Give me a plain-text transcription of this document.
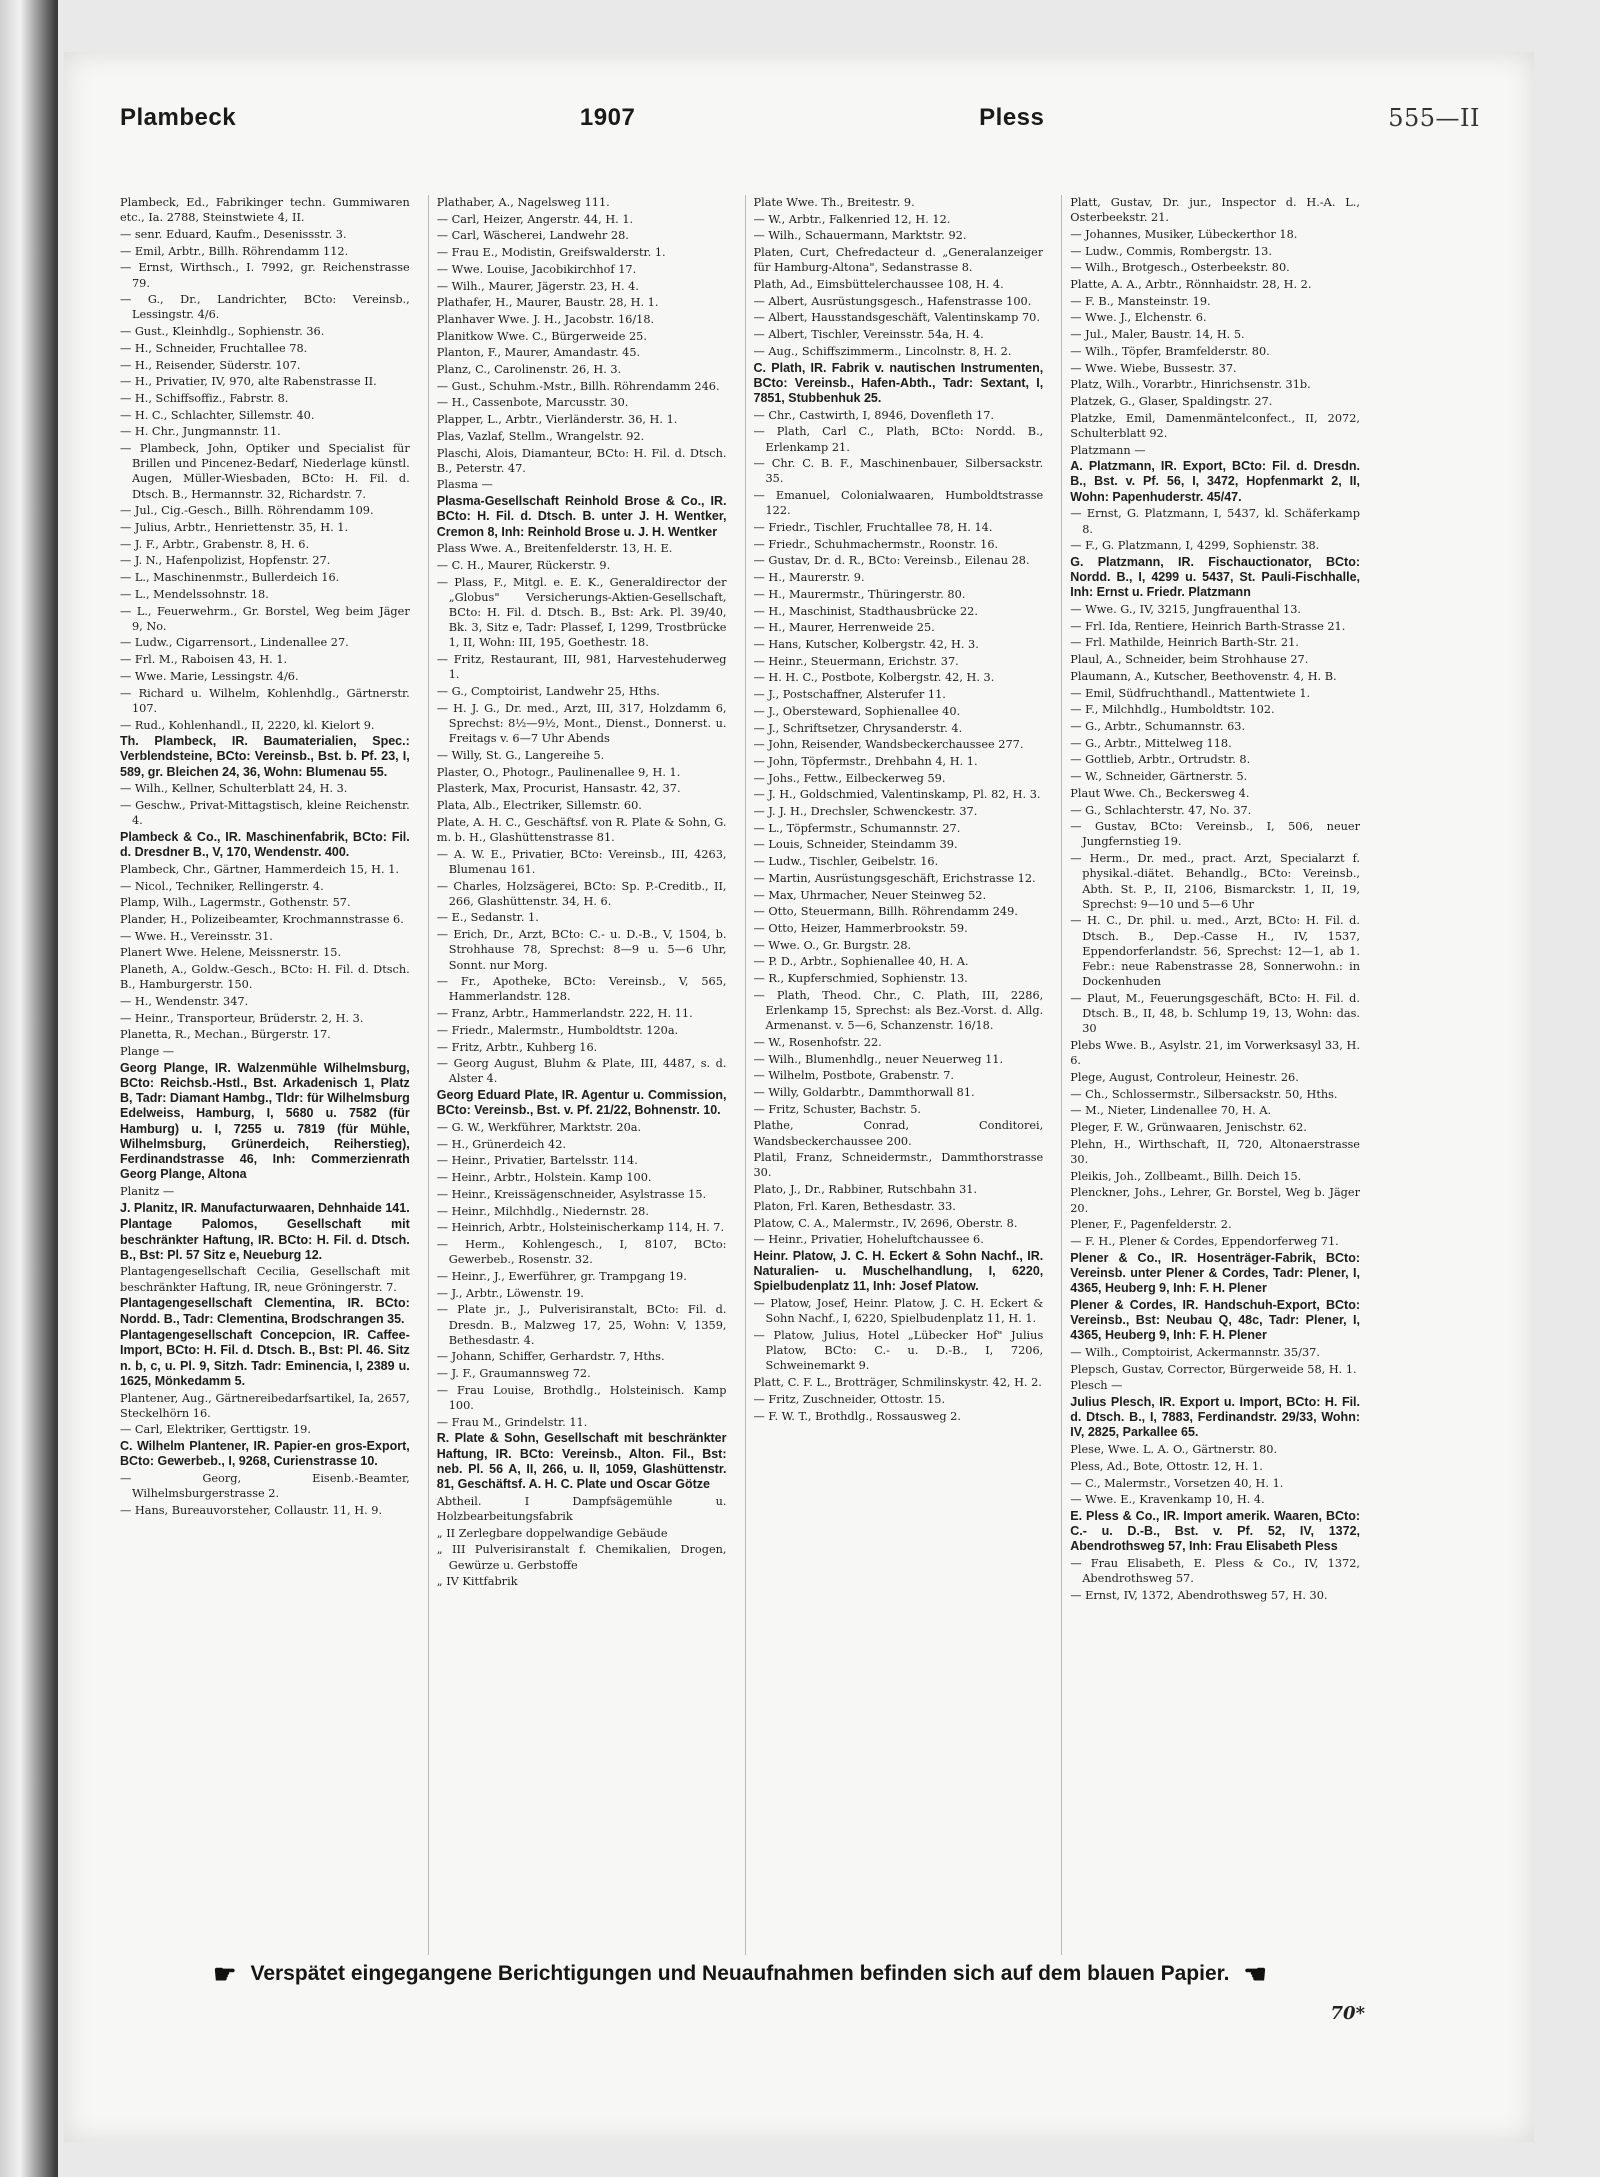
Plambeck	1907	Pless	555—II
Plambeck, Ed., Fabrikinger techn. Gummiwaren etc., Ia. 2788, Steinstwiete 4, II.
— senr. Eduard, Kaufm., Desenissstr. 3.
— Emil, Arbtr., Billh. Röhrendamm 112.
— Ernst, Wirthsch., I. 7992, gr. Reichenstrasse 79.
— G., Dr., Landrichter, BCto: Vereinsb., Lessingstr. 4/6.
— Gust., Kleinhdlg., Sophienstr. 36.
— H., Schneider, Fruchtallee 78.
— H., Reisender, Süderstr. 107.
— H., Privatier, IV, 970, alte Rabenstrasse II.
— H., Schiffsoffiz., Fabrstr. 8.
— H. C., Schlachter, Sillemstr. 40.
— H. Chr., Jungmannstr. 11.
— Plambeck, John, Optiker und Specialist für Brillen und Pincenez-Bedarf, Niederlage künstl. Augen, Müller-Wiesbaden, BCto: H. Fil. d. Dtsch. B., Hermannstr. 32, Richardstr. 7.
— Jul., Cig.-Gesch., Billh. Röhrendamm 109.
— Julius, Arbtr., Henriettenstr. 35, H. 1.
— J. F., Arbtr., Grabenstr. 8, H. 6.
— J. N., Hafenpolizist, Hopfenstr. 27.
— L., Maschinenmstr., Bullerdeich 16.
— L., Mendelssohnstr. 18.
— L., Feuerwehrm., Gr. Borstel, Weg beim Jäger 9, No.
— Ludw., Cigarrensort., Lindenallee 27.
— Frl. M., Raboisen 43, H. 1.
— Wwe. Marie, Lessingstr. 4/6.
— Richard u. Wilhelm, Kohlenhdlg., Gärtnerstr. 107.
— Rud., Kohlenhandl., II, 2220, kl. Kielort 9.
Th. Plambeck, IR. Baumaterialien, Spec.: Verblendsteine, BCto: Vereinsb., Bst. b. Pf. 23, I, 589, gr. Bleichen 24, 36, Wohn: Blumenau 55.
— Wilh., Kellner, Schulterblatt 24, H. 3.
— Geschw., Privat-Mittagstisch, kleine Reichenstr. 4.
Plambeck & Co., IR. Maschinenfabrik, BCto: Fil. d. Dresdner B., V, 170, Wendenstr. 400.
Plambeck, Chr., Gärtner, Hammerdeich 15, H. 1.
— Nicol., Techniker, Rellingerstr. 4.
Plamp, Wilh., Lagermstr., Gothenstr. 57.
Plander, H., Polizeibeamter, Krochmannstrasse 6.
— Wwe. H., Vereinsstr. 31.
Planert Wwe. Helene, Meissnerstr. 15.
Planeth, A., Goldw.-Gesch., BCto: H. Fil. d. Dtsch. B., Hamburgerstr. 150.
— H., Wendenstr. 347.
— Heinr., Transporteur, Brüderstr. 2, H. 3.
Planetta, R., Mechan., Bürgerstr. 17.
Plange —
Georg Plange, IR. Walzenmühle Wilhelmsburg, BCto: Reichsb.-Hstl., Bst. Arkadenisch 1, Platz B, Tadr: Diamant Hambg., Tldr: für Wilhelmsburg Edelweiss, Hamburg, I, 5680 u. 7582 (für Hamburg) u. I, 7255 u. 7819 (für Mühle, Wilhelmsburg, Grünerdeich, Reiherstieg), Ferdinandstrasse 46, Inh: Commerzienrath Georg Plange, Altona
Planitz —
J. Planitz, IR. Manufacturwaaren, Dehnhaide 141.
Plantage Palomos, Gesellschaft mit beschränkter Haftung, IR. BCto: H. Fil. d. Dtsch. B., Bst: Pl. 57 Sitz e, Neueburg 12.
Plantagengesellschaft Cecilia, Gesellschaft mit beschränkter Haftung, IR, neue Gröningerstr. 7.
Plantagengesellschaft Clementina, IR. BCto: Nordd. B., Tadr: Clementina, Brodschrangen 35.
Plantagengesellschaft Concepcion, IR. Caffee-Import, BCto: H. Fil. d. Dtsch. B., Bst: Pl. 46. Sitz n. b, c, u. Pl. 9, Sitzh. Tadr: Eminencia, I, 2389 u. 1625, Mönkedamm 5.
Plantener, Aug., Gärtnereibedarfsartikel, Ia, 2657, Steckelhörn 16.
— Carl, Elektriker, Gerttigstr. 19.
C. Wilhelm Plantener, IR. Papier-en gros-Export, BCto: Gewerbeb., I, 9268, Curienstrasse 10.
— Georg, Eisenb.-Beamter, Wilhelmsburgerstrasse 2.
— Hans, Bureauvorsteher, Collaustr. 11, H. 9.
Plathaber, A., Nagelsweg 111.
— Carl, Heizer, Angerstr. 44, H. 1.
— Carl, Wäscherei, Landwehr 28.
— Frau E., Modistin, Greifswalderstr. 1.
— Wwe. Louise, Jacobikirchhof 17.
— Wilh., Maurer, Jägerstr. 23, H. 4.
Plathafer, H., Maurer, Baustr. 28, H. 1.
Planhaver Wwe. J. H., Jacobstr. 16/18.
Planitkow Wwe. C., Bürgerweide 25.
Planton, F., Maurer, Amandastr. 45.
Planz, C., Carolinenstr. 26, H. 3.
— Gust., Schuhm.-Mstr., Billh. Röhrendamm 246.
— H., Cassenbote, Marcusstr. 30.
Plapper, L., Arbtr., Vierländerstr. 36, H. 1.
Plas, Vazlaf, Stellm., Wrangelstr. 92.
Plaschi, Alois, Diamanteur, BCto: H. Fil. d. Dtsch. B., Peterstr. 47.
Plasma —
Plasma-Gesellschaft Reinhold Brose & Co., IR. BCto: H. Fil. d. Dtsch. B. unter J. H. Wentker, Cremon 8, Inh: Reinhold Brose u. J. H. Wentker
Plass Wwe. A., Breitenfelderstr. 13, H. E.
— C. H., Maurer, Rückerstr. 9.
— Plass, F., Mitgl. e. E. K., Generaldirector der „Globus" Versicherungs-Aktien-Gesellschaft, BCto: H. Fil. d. Dtsch. B., Bst: Ark. Pl. 39/40, Bk. 3, Sitz e, Tadr: Plassef, I, 1299, Trostbrücke 1, II, Wohn: III, 195, Goethestr. 18.
— Fritz, Restaurant, III, 981, Harvestehuderweg 1.
— G., Comptoirist, Landwehr 25, Hths.
— H. J. G., Dr. med., Arzt, III, 317, Holzdamm 6, Sprechst: 8½—9½, Mont., Dienst., Donnerst. u. Freitags v. 6—7 Uhr Abends
— Willy, St. G., Langereihe 5.
Plaster, O., Photogr., Paulinenallee 9, H. 1.
Plasterk, Max, Procurist, Hansastr. 42, 37.
Plata, Alb., Electriker, Sillemstr. 60.
Plate, A. H. C., Geschäftsf. von R. Plate & Sohn, G. m. b. H., Glashüttenstrasse 81.
— A. W. E., Privatier, BCto: Vereinsb., III, 4263, Blumenau 161.
— Charles, Holzsägerei, BCto: Sp. P.-Creditb., II, 266, Glashüttenstr. 34, H. 6.
— E., Sedanstr. 1.
— Erich, Dr., Arzt, BCto: C.- u. D.-B., V, 1504, b. Strohhause 78, Sprechst: 8—9 u. 5—6 Uhr, Sonnt. nur Morg.
— Fr., Apotheke, BCto: Vereinsb., V, 565, Hammerlandstr. 128.
— Franz, Arbtr., Hammerlandstr. 222, H. 11.
— Friedr., Malermstr., Humboldtstr. 120a.
— Fritz, Arbtr., Kuhberg 16.
— Georg August, Bluhm & Plate, III, 4487, s. d. Alster 4.
Georg Eduard Plate, IR. Agentur u. Commission, BCto: Vereinsb., Bst. v. Pf. 21/22, Bohnenstr. 10.
— G. W., Werkführer, Marktstr. 20a.
— H., Grünerdeich 42.
— Heinr., Privatier, Bartelsstr. 114.
— Heinr., Arbtr., Holstein. Kamp 100.
— Heinr., Kreissägenschneider, Asylstrasse 15.
— Heinr., Milchhdlg., Niedernstr. 28.
— Heinrich, Arbtr., Holsteinischerkamp 114, H. 7.
— Herm., Kohlengesch., I, 8107, BCto: Gewerbeb., Rosenstr. 32.
— Heinr., J., Ewerführer, gr. Trampgang 19.
— J., Arbtr., Löwenstr. 19.
— Plate jr., J., Pulverisiranstalt, BCto: Fil. d. Dresdn. B., Malzweg 17, 25, Wohn: V, 1359, Bethesdastr. 4.
— Johann, Schiffer, Gerhardstr. 7, Hths.
— J. F., Graumannsweg 72.
— Frau Louise, Brothdlg., Holsteinisch. Kamp 100.
— Frau M., Grindelstr. 11.
R. Plate & Sohn, Gesellschaft mit beschränkter Haftung, IR. BCto: Vereinsb., Alton. Fil., Bst: neb. Pl. 56 A, II, 266, u. II, 1059, Glashüttenstr. 81, Geschäftsf. A. H. C. Plate und Oscar Götze
Abtheil. I Dampfsägemühle u. Holzbearbeitungsfabrik
„ II Zerlegbare doppelwandige Gebäude
„ III Pulverisiranstalt f. Chemikalien, Drogen, Gewürze u. Gerbstoffe
„ IV Kittfabrik
Plate Wwe. Th., Breitestr. 9.
— W., Arbtr., Falkenried 12, H. 12.
— Wilh., Schauermann, Marktstr. 92.
Platen, Curt, Chefredacteur d. „Generalanzeiger für Hamburg-Altona", Sedanstrasse 8.
Plath, Ad., Eimsbüttelerchaussee 108, H. 4.
— Albert, Ausrüstungsgesch., Hafenstrasse 100.
— Albert, Hausstandsgeschäft, Valentinskamp 70.
— Albert, Tischler, Vereinsstr. 54a, H. 4.
— Aug., Schiffszimmerm., Lincolnstr. 8, H. 2.
C. Plath, IR. Fabrik v. nautischen Instrumenten, BCto: Vereinsb., Hafen-Abth., Tadr: Sextant, I, 7851, Stubbenhuk 25.
— Chr., Castwirth, I, 8946, Dovenfleth 17.
— Plath, Carl C., Plath, BCto: Nordd. B., Erlenkamp 21.
— Chr. C. B. F., Maschinenbauer, Silbersackstr. 35.
— Emanuel, Colonialwaaren, Humboldtstrasse 122.
— Friedr., Tischler, Fruchtallee 78, H. 14.
— Friedr., Schuhmachermstr., Roonstr. 16.
— Gustav, Dr. d. R., BCto: Vereinsb., Eilenau 28.
— H., Maurerstr. 9.
— H., Maurermstr., Thüringerstr. 80.
— H., Maschinist, Stadthausbrücke 22.
— H., Maurer, Herrenweide 25.
— Hans, Kutscher, Kolbergstr. 42, H. 3.
— Heinr., Steuermann, Erichstr. 37.
— H. H. C., Postbote, Kolbergstr. 42, H. 3.
— J., Postschaffner, Alsterufer 11.
— J., Obersteward, Sophienallee 40.
— J., Schriftsetzer, Chrysanderstr. 4.
— John, Reisender, Wandsbeckerchaussee 277.
— John, Töpfermstr., Drehbahn 4, H. 1.
— Johs., Fettw., Eilbeckerweg 59.
— J. H., Goldschmied, Valentinskamp, Pl. 82, H. 3.
— J. J. H., Drechsler, Schwenckestr. 37.
— L., Töpfermstr., Schumannstr. 27.
— Louis, Schneider, Steindamm 39.
— Ludw., Tischler, Geibelstr. 16.
— Martin, Ausrüstungsgeschäft, Erichstrasse 12.
— Max, Uhrmacher, Neuer Steinweg 52.
— Otto, Steuermann, Billh. Röhrendamm 249.
— Otto, Heizer, Hammerbrookstr. 59.
— Wwe. O., Gr. Burgstr. 28.
— P. D., Arbtr., Sophienallee 40, H. A.
— R., Kupferschmied, Sophienstr. 13.
— Plath, Theod. Chr., C. Plath, III, 2286, Erlenkamp 15, Sprechst: als Bez.-Vorst. d. Allg. Armenanst. v. 5—6, Schanzenstr. 16/18.
— W., Rosenhofstr. 22.
— Wilh., Blumenhdlg., neuer Neuerweg 11.
— Wilhelm, Postbote, Grabenstr. 7.
— Willy, Goldarbtr., Dammthorwall 81.
— Fritz, Schuster, Bachstr. 5.
Plathe, Conrad, Conditorei, Wandsbeckerchaussee 200.
Platil, Franz, Schneidermstr., Dammthorstrasse 30.
Plato, J., Dr., Rabbiner, Rutschbahn 31.
Platon, Frl. Karen, Bethesdastr. 33.
Platow, C. A., Malermstr., IV, 2696, Oberstr. 8.
— Heinr., Privatier, Hoheluftchaussee 6.
Heinr. Platow, J. C. H. Eckert & Sohn Nachf., IR. Naturalien- u. Muschelhandlung, I, 6220, Spielbudenplatz 11, Inh: Josef Platow.
— Platow, Josef, Heinr. Platow, J. C. H. Eckert & Sohn Nachf., I, 6220, Spielbudenplatz 11, H. 1.
— Platow, Julius, Hotel „Lübecker Hof" Julius Platow, BCto: C.- u. D.-B., I, 7206, Schweinemarkt 9.
Platt, C. F. L., Brotträger, Schmilinskystr. 42, H. 2.
— Fritz, Zuschneider, Ottostr. 15.
— F. W. T., Brothdlg., Rossausweg 2.
Platt, Gustav, Dr. jur., Inspector d. H.-A. L., Osterbeekstr. 21.
— Johannes, Musiker, Lübeckerthor 18.
— Ludw., Commis, Rombergstr. 13.
— Wilh., Brotgesch., Osterbeekstr. 80.
Platte, A. A., Arbtr., Rönnhaidstr. 28, H. 2.
— F. B., Mansteinstr. 19.
— Wwe. J., Elchenstr. 6.
— Jul., Maler, Baustr. 14, H. 5.
— Wilh., Töpfer, Bramfelderstr. 80.
— Wwe. Wiebe, Bussestr. 37.
Platz, Wilh., Vorarbtr., Hinrichsenstr. 31b.
Platzek, G., Glaser, Spaldingstr. 27.
Platzke, Emil, Damenmäntelconfect., II, 2072, Schulterblatt 92.
Platzmann —
A. Platzmann, IR. Export, BCto: Fil. d. Dresdn. B., Bst. v. Pf. 56, I, 3472, Hopfenmarkt 2, II, Wohn: Papenhuderstr. 45/47.
— Ernst, G. Platzmann, I, 5437, kl. Schäferkamp 8.
— F., G. Platzmann, I, 4299, Sophienstr. 38.
G. Platzmann, IR. Fischauctionator, BCto: Nordd. B., I, 4299 u. 5437, St. Pauli-Fischhalle, Inh: Ernst u. Friedr. Platzmann
— Wwe. G., IV, 3215, Jungfrauenthal 13.
— Frl. Ida, Rentiere, Heinrich Barth-Strasse 21.
— Frl. Mathilde, Heinrich Barth-Str. 21.
Plaul, A., Schneider, beim Strohhause 27.
Plaumann, A., Kutscher, Beethovenstr. 4, H. B.
— Emil, Südfruchthandl., Mattentwiete 1.
— F., Milchhdlg., Humboldtstr. 102.
— G., Arbtr., Schumannstr. 63.
— G., Arbtr., Mittelweg 118.
— Gottlieb, Arbtr., Ortrudstr. 8.
— W., Schneider, Gärtnerstr. 5.
Plaut Wwe. Ch., Beckersweg 4.
— G., Schlachterstr. 47, No. 37.
— Gustav, BCto: Vereinsb., I, 506, neuer Jungfernstieg 19.
— Herm., Dr. med., pract. Arzt, Specialarzt f. physikal.-diätet. Behandlg., BCto: Vereinsb., Abth. St. P., II, 2106, Bismarckstr. 1, II, 19, Sprechst: 9—10 und 5—6 Uhr
— H. C., Dr. phil. u. med., Arzt, BCto: H. Fil. d. Dtsch. B., Dep.-Casse H., IV, 1537, Eppendorferlandstr. 56, Sprechst: 12—1, ab 1. Febr.: neue Rabenstrasse 28, Sonnerwohn.: in Dockenhuden
— Plaut, M., Feuerungsgeschäft, BCto: H. Fil. d. Dtsch. B., II, 48, b. Schlump 19, 13, Wohn: das. 30
Plebs Wwe. B., Asylstr. 21, im Vorwerksasyl 33, H. 6.
Plege, August, Controleur, Heinestr. 26.
— Ch., Schlossermstr., Silbersackstr. 50, Hths.
— M., Nieter, Lindenallee 70, H. A.
Pleger, F. W., Grünwaaren, Jenischstr. 62.
Plehn, H., Wirthschaft, II, 720, Altonaerstrasse 30.
Pleikis, Joh., Zollbeamt., Billh. Deich 15.
Plenckner, Johs., Lehrer, Gr. Borstel, Weg b. Jäger 20.
Plener, F., Pagenfelderstr. 2.
— F. H., Plener & Cordes, Eppendorferweg 71.
Plener & Co., IR. Hosenträger-Fabrik, BCto: Vereinsb. unter Plener & Cordes, Tadr: Plener, I, 4365, Heuberg 9, Inh: F. H. Plener
Plener & Cordes, IR. Handschuh-Export, BCto: Vereinsb., Bst: Neubau Q, 48c, Tadr: Plener, I, 4365, Heuberg 9, Inh: F. H. Plener
— Wilh., Comptoirist, Ackermannstr. 35/37.
Plepsch, Gustav, Corrector, Bürgerweide 58, H. 1.
Plesch —
Julius Plesch, IR. Export u. Import, BCto: H. Fil. d. Dtsch. B., I, 7883, Ferdinandstr. 29/33, Wohn: IV, 2825, Parkallee 65.
Plese, Wwe. L. A. O., Gärtnerstr. 80.
Pless, Ad., Bote, Ottostr. 12, H. 1.
— C., Malermstr., Vorsetzen 40, H. 1.
— Wwe. E., Kravenkamp 10, H. 4.
E. Pless & Co., IR. Import amerik. Waaren, BCto: C.- u. D.-B., Bst. v. Pf. 52, IV, 1372, Abendrothsweg 57, Inh: Frau Elisabeth Pless
— Frau Elisabeth, E. Pless & Co., IV, 1372, Abendrothsweg 57.
— Ernst, IV, 1372, Abendrothsweg 57, H. 30.
☛ Verspätet eingegangene Berichtigungen und Neuaufnahmen befinden sich auf dem blauen Papier. ☚
70*
